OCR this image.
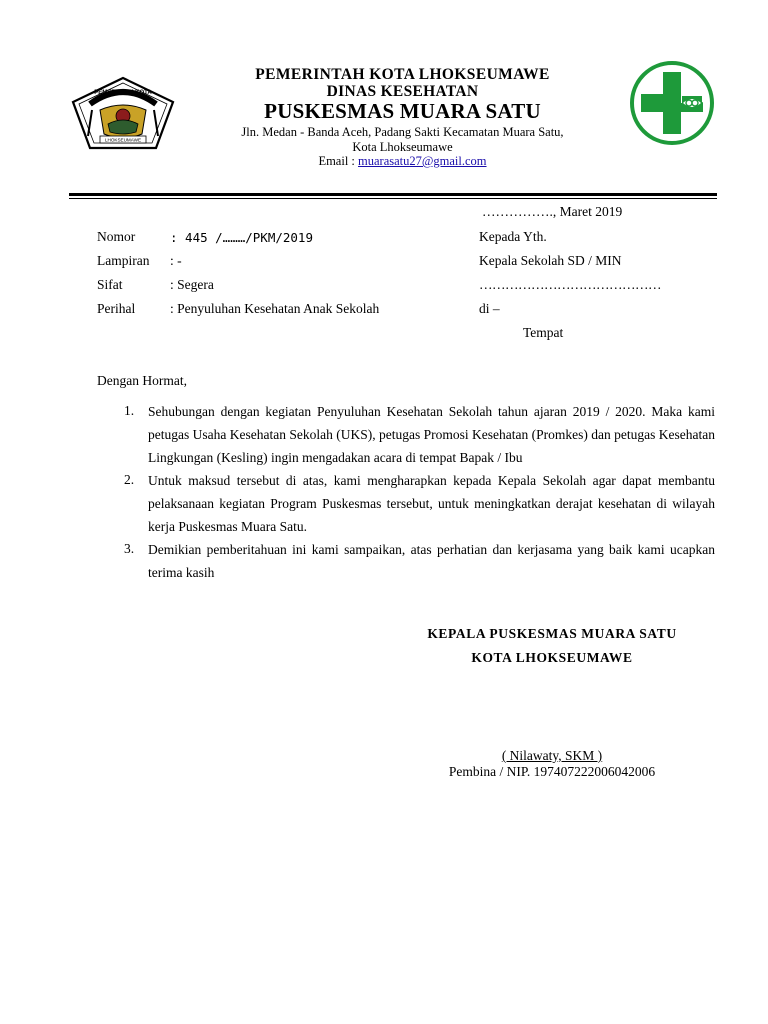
PEMERINTAH KOTA
LHOKSEUMAWE
PEMERINTAH KOTA LHOKSEUMAWE
DINAS KESEHATAN
PUSKESMAS MUARA SATU
Jln. Medan - Banda Aceh, Padang Sakti Kecamatan Muara Satu,
Kota Lhokseumawe
Email : muarasatu27@gmail.com
……………., Maret 2019
Nomor	: 445 /………/PKM/2019
Lampiran : -
Sifat	: Segera
Perihal	: Penyuluhan Kesehatan Anak Sekolah
Kepada Yth.
Kepala Sekolah SD / MIN
……………………………………
di –
Tempat
Dengan Hormat,
1. Sehubungan dengan kegiatan Penyuluhan Kesehatan Sekolah tahun ajaran 2019 / 2020. Maka kami petugas Usaha Kesehatan Sekolah (UKS), petugas Promosi Kesehatan (Promkes) dan petugas Kesehatan Lingkungan (Kesling) ingin mengadakan acara di tempat Bapak / Ibu
2. Untuk maksud tersebut di atas, kami mengharapkan kepada Kepala Sekolah agar dapat membantu pelaksanaan kegiatan Program Puskesmas tersebut, untuk meningkatkan derajat kesehatan di wilayah kerja Puskesmas Muara Satu.
3. Demikian pemberitahuan ini kami sampaikan, atas perhatian dan kerjasama yang baik kami ucapkan terima kasih
KEPALA PUSKESMAS MUARA SATU
KOTA LHOKSEUMAWE
( Nilawaty, SKM )
Pembina / NIP. 197407222006042006
